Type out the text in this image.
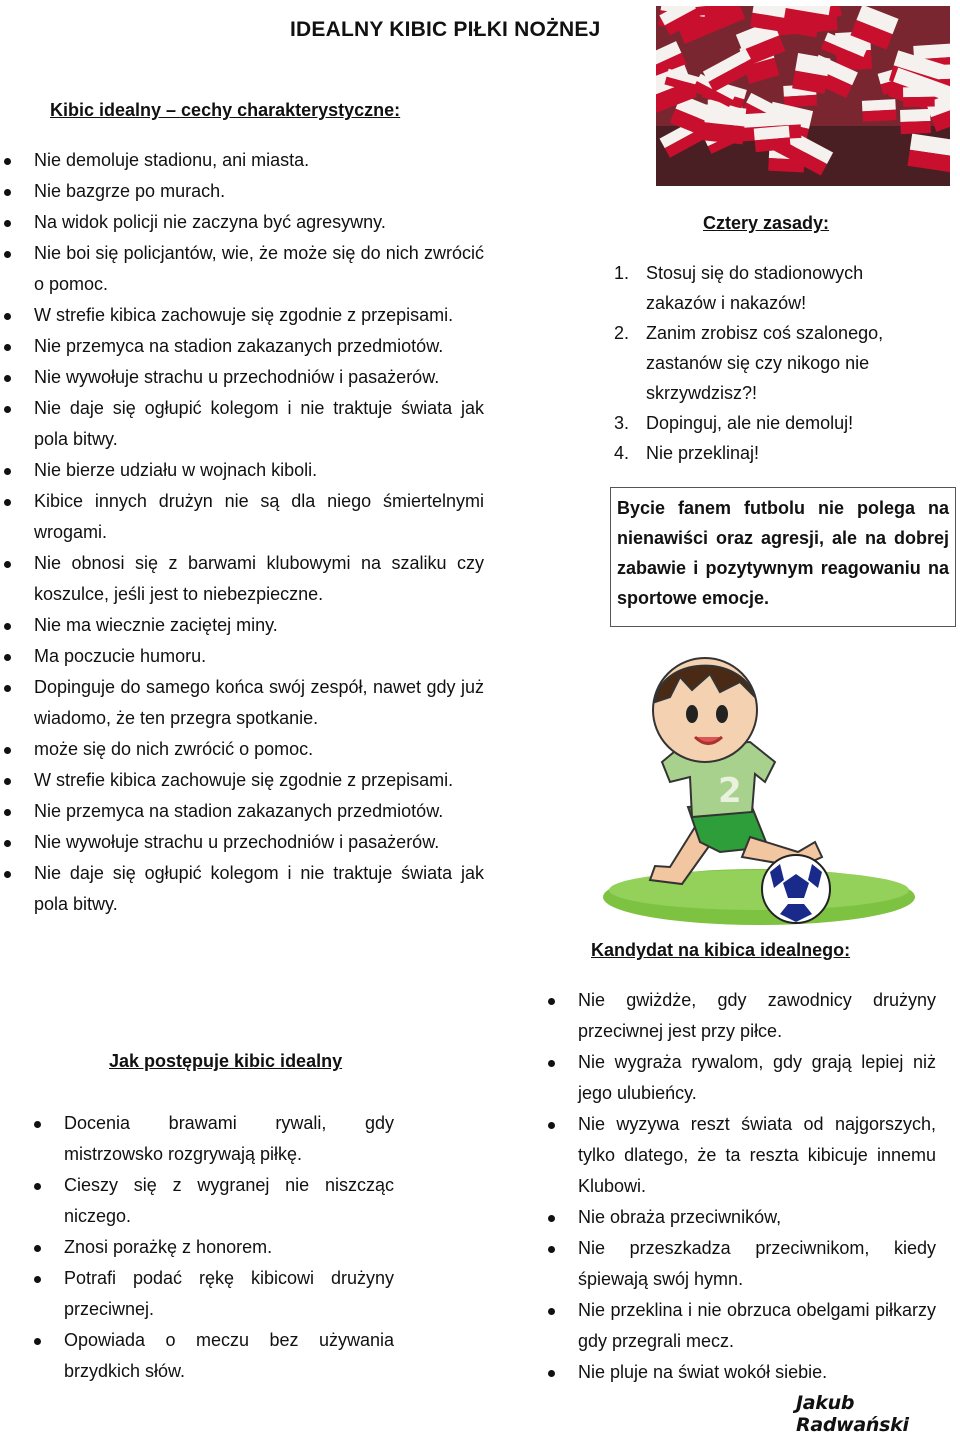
IDEALNY KIBIC PIŁKI NOŻNEJ
Kibic idealny – cechy charakterystyczne:
Nie demoluje stadionu, ani miasta.
Nie bazgrze po murach.
Na widok policji nie zaczyna być agresywny.
Nie boi się policjantów, wie, że może się do nich zwrócić o pomoc.
W strefie kibica zachowuje się zgodnie z przepisami.
Nie przemyca na stadion zakazanych przedmiotów.
Nie wywołuje strachu u przechodniów i pasażerów.
Nie daje się ogłupić kolegom i nie traktuje świata jak pola bitwy.
Nie bierze udziału w wojnach kiboli.
Kibice innych drużyn nie są dla niego śmiertelnymi wrogami.
Nie obnosi się z barwami klubowymi na szaliku czy koszulce, jeśli jest to niebezpieczne.
Nie ma wiecznie zaciętej miny.
Ma poczucie humoru.
Dopinguje do samego końca swój zespół, nawet gdy już wiadomo, że ten przegra spotkanie.
może się do nich zwrócić o pomoc.
W strefie kibica zachowuje się zgodnie z przepisami.
Nie przemyca na stadion zakazanych przedmiotów.
Nie wywołuje strachu u przechodniów i pasażerów.
Nie daje się ogłupić kolegom i nie traktuje świata jak pola bitwy.
Jak postępuje kibic idealny
Docenia brawami rywali, gdy mistrzowsko rozgrywają piłkę.
Cieszy się z wygranej nie niszcząc niczego.
Znosi porażkę z honorem.
Potrafi podać rękę kibicowi drużyny przeciwnej.
Opowiada o meczu bez używania brzydkich słów.
Cztery zasady:
1. Stosuj się do stadionowych zakazów i nakazów!
2. Zanim zrobisz coś szalonego, zastanów się czy nikogo nie skrzywdzisz?!
3. Dopinguj, ale nie demoluj!
4. Nie przeklinaj!
Bycie fanem futbolu nie polega na nienawiści oraz agresji, ale na dobrej zabawie i pozytywnym reagowaniu na sportowe emocje.
2
Kandydat na kibica idealnego:
Nie gwiżdże, gdy zawodnicy drużyny przeciwnej jest przy piłce.
Nie wygraża rywalom, gdy grają lepiej niż jego ulubieńcy.
Nie wyzywa reszt świata od najgorszych, tylko dlatego, że ta reszta kibicuje innemu Klubowi.
Nie obraża przeciwników,
Nie przeszkadza przeciwnikom, kiedy śpiewają swój hymn.
Nie przeklina i nie obrzuca obelgami piłkarzy gdy przegrali mecz.
Nie pluje na świat wokół siebie.
Jakub Radwański
